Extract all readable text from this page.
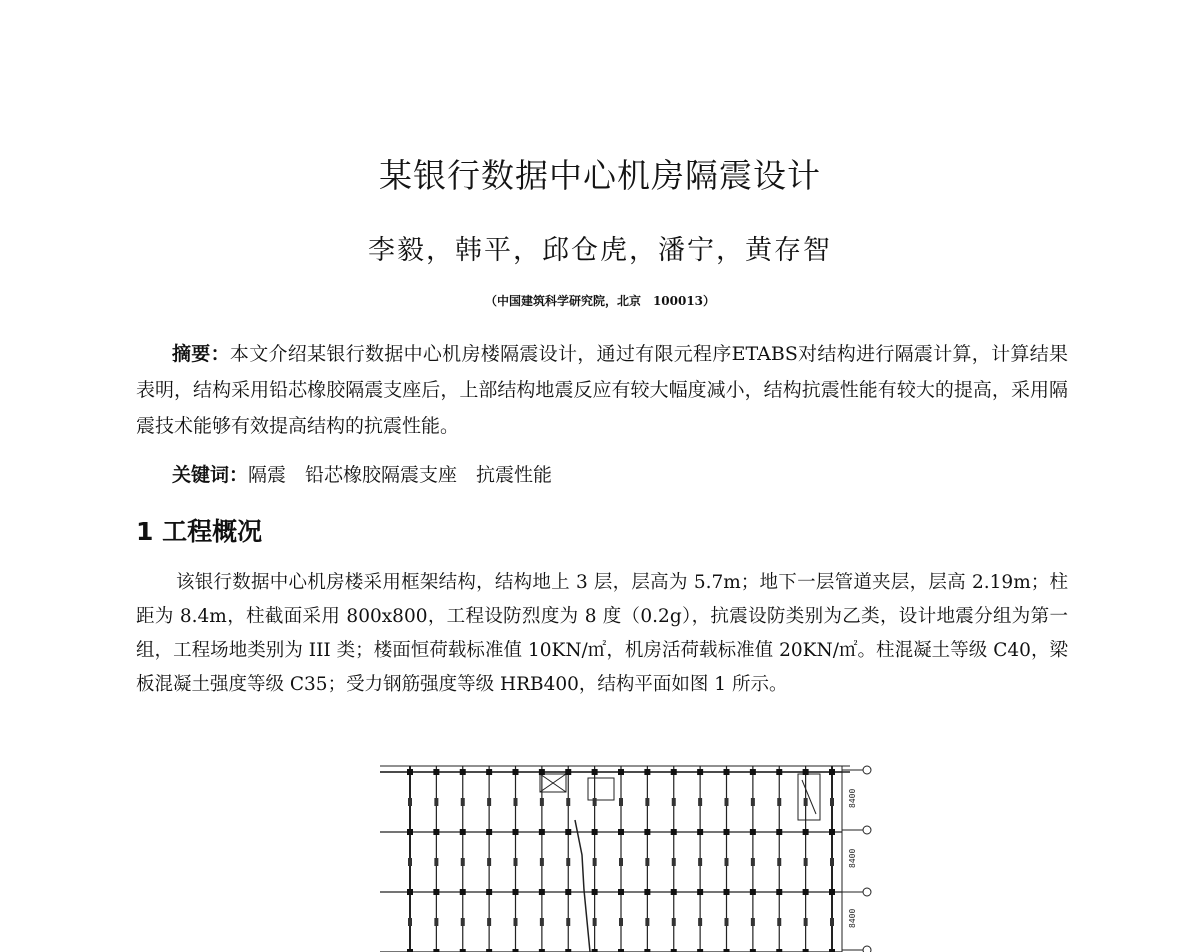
某银行数据中心机房隔震设计
李毅，韩平，邱仓虎，潘宁，黄存智
（中国建筑科学研究院，北京　100013）

摘要：本文介绍某银行数据中心机房楼隔震设计，通过有限元程序ETABS对结构进行隔震计算，计算结果表明，结构采用铅芯橡胶隔震支座后，上部结构地震反应有较大幅度减小，结构抗震性能有较大的提高，采用隔震技术能够有效提高结构的抗震性能。

关键词：隔震　铅芯橡胶隔震支座　抗震性能

1 工程概况

该银行数据中心机房楼采用框架结构，结构地上 3 层，层高为 5.7m；地下一层管道夹层，层高 2.19m；柱距为 8.4m，柱截面采用 800x800，工程设防烈度为 8 度（0.2g），抗震设防类别为乙类，设计地震分组为第一组，工程场地类别为 III 类；楼面恒荷载标准值 10KN/㎡，机房活荷载标准值 20KN/㎡。柱混凝土等级 C40，梁板混凝土强度等级 C35；受力钢筋强度等级 HRB400，结构平面如图 1 所示。

8400
8400
8400
